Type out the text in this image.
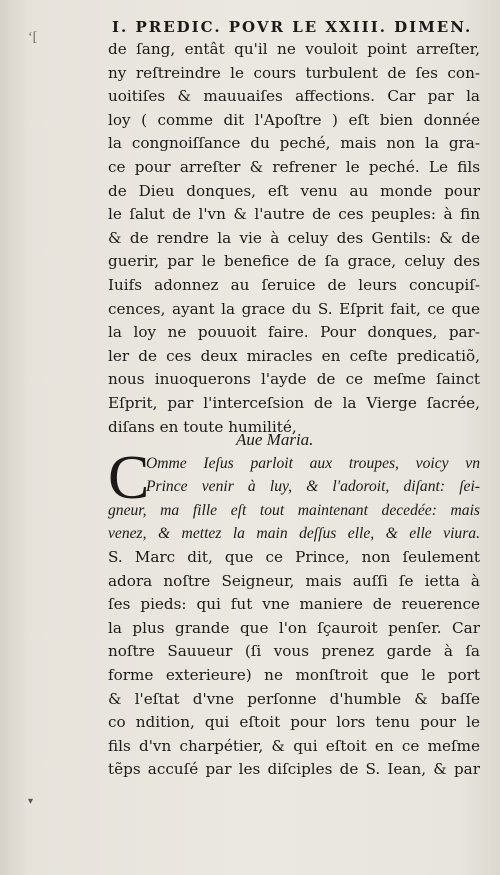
‘[
I. PREDIC. POVR LE XXIII. DIMEN.
de ſang, entât qu'il ne vouloit point arreſter,
ny reſtreindre le cours turbulent de ſes con-
uoitiſes & mauuaiſes affections. Car par la
loy ( comme dit l'Apoſtre ) eſt bien donnée
la congnoiſſance du peché, mais non la gra-
ce pour arreſter & refrener le peché. Le fils
de Dieu donques, eſt venu au monde pour
le ſalut de l'vn & l'autre de ces peuples: à fin
& de rendre la vie à celuy des Gentils: & de
guerir, par le benefice de ſa grace, celuy des
Iuifs adonnez au ſeruice de leurs concupiſ-
cences, ayant la grace du S. Eſprit fait, ce que
la loy ne pouuoit faire. Pour donques, par-
ler de ces deux miracles en ceſte predicatiõ,
nous inuoquerons l'ayde de ce meſme ſainct
Eſprit, par l'interceſsion de la Vierge ſacrée,
diſans en toute humilité,
Aue Maria.
C
Omme Ieſus parloit aux troupes, voicy vn
Prince venir à luy, & l'adoroit, diſant: ſei-
gneur, ma fille eſt tout maintenant decedée: mais
venez, & mettez la main deſſus elle, & elle viura.
S. Marc dit, que ce Prince, non ſeulement
adora noſtre Seigneur, mais auſſi ſe ietta à
ſes pieds: qui fut vne maniere de reuerence
la plus grande que l'on ſçauroit penſer. Car
noſtre Sauueur (ſi vous prenez garde à ſa
forme exterieure) ne monſtroit que le port
& l'eſtat d'vne perſonne d'humble & baſſe
co ndition, qui eſtoit pour lors tenu pour le
fils d'vn charpétier, & qui eſtoit en ce meſme
tẽps accuſé par les diſciples de S. Iean, & par
▾
